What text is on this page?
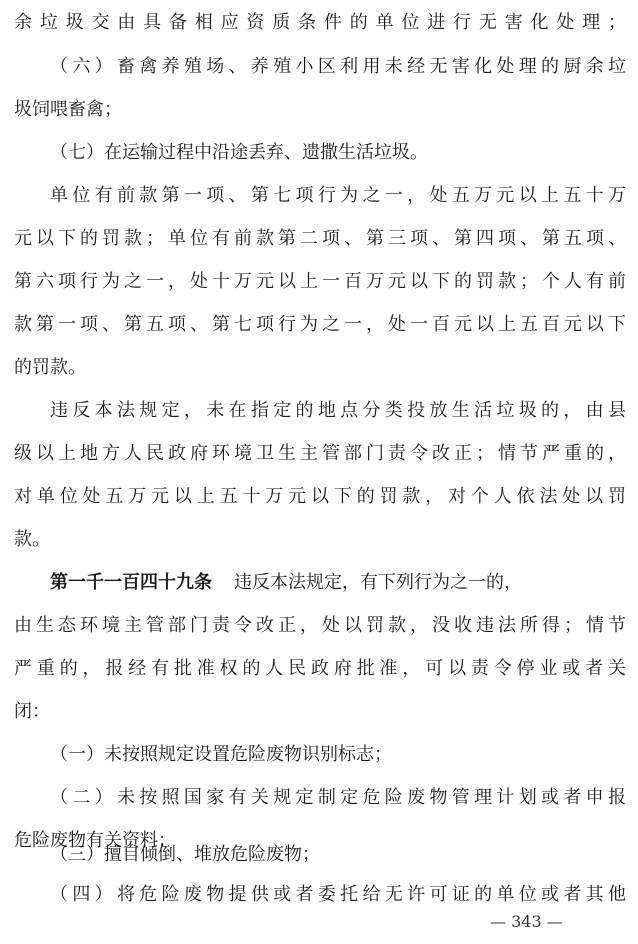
余垃圾交由具备相应资质条件的单位进行无害化处理；
（六）畜禽养殖场、养殖小区利用未经无害化处理的厨余垃
圾饲喂畜禽；
（七）在运输过程中沿途丢弃、遗撒生活垃圾。
单位有前款第一项、第七项行为之一，处五万元以上五十万
元以下的罚款；单位有前款第二项、第三项、第四项、第五项、
第六项行为之一，处十万元以上一百万元以下的罚款；个人有前
款第一项、第五项、第七项行为之一，处一百元以上五百元以下
的罚款。
违反本法规定，未在指定的地点分类投放生活垃圾的，由县
级以上地方人民政府环境卫生主管部门责令改正；情节严重的，
对单位处五万元以上五十万元以下的罚款，对个人依法处以罚
款。
第一千一百四十九条 违反本法规定，有下列行为之一的，
由生态环境主管部门责令改正，处以罚款，没收违法所得；情节
严重的，报经有批准权的人民政府批准，可以责令停业或者关
闭：
（一）未按照规定设置危险废物识别标志；
（二）未按照国家有关规定制定危险废物管理计划或者申报
危险废物有关资料；
（三）擅自倾倒、堆放危险废物；
（四）将危险废物提供或者委托给无许可证的单位或者其他
— 343 —
